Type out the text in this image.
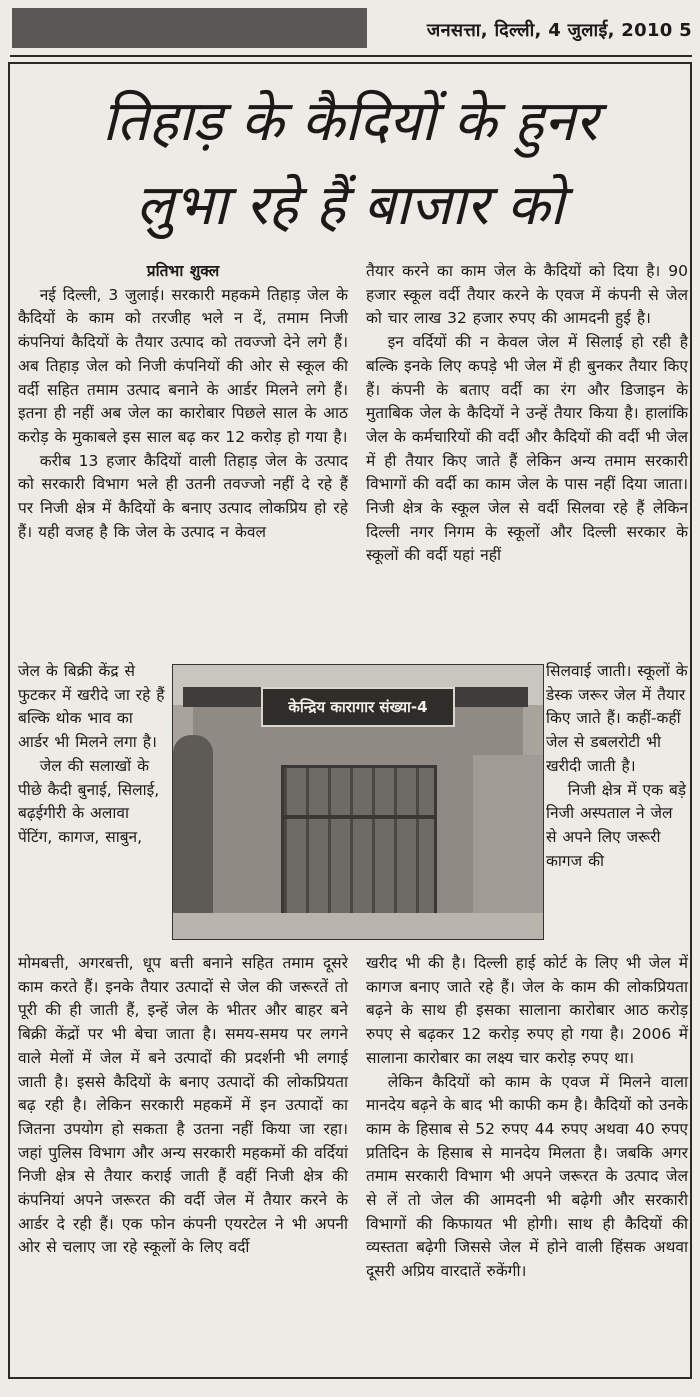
जनसत्ता, दिल्ली, 4 जुलाई, 2010 5
तिहाड़ के कैदियों के हुनर
लुभा रहे हैं बाजार को

प्रतिभा शुक्ल

नई दिल्ली, 3 जुलाई। सरकारी महकमे तिहाड़ जेल के कैदियों के काम को तरजीह भले न दें, तमाम निजी कंपनियां कैदियों के तैयार उत्पाद को तवज्जो देने लगे हैं। अब तिहाड़ जेल को निजी कंपनियों की ओर से स्कूल की वर्दी सहित तमाम उत्पाद बनाने के आर्डर मिलने लगे हैं। इतना ही नहीं अब जेल का कारोबार पिछले साल के आठ करोड़ के मुकाबले इस साल बढ़ कर 12 करोड़ हो गया है।

करीब 13 हजार कैदियों वाली तिहाड़ जेल के उत्पाद को सरकारी विभाग भले ही उतनी तवज्जो नहीं दे रहे हैं पर निजी क्षेत्र में कैदियों के बनाए उत्पाद लोकप्रिय हो रहे हैं। यही वजह है कि जेल के उत्पाद न केवल

तैयार करने का काम जेल के कैदियों को दिया है। 90 हजार स्कूल वर्दी तैयार करने के एवज में कंपनी से जेल को चार लाख 32 हजार रुपए की आमदनी हुई है।

इन वर्दियों की न केवल जेल में सिलाई हो रही है बल्कि इनके लिए कपड़े भी जेल में ही बुनकर तैयार किए हैं। कंपनी के बताए वर्दी का रंग और डिजाइन के मुताबिक जेल के कैदियों ने उन्हें तैयार किया है। हालांकि जेल के कर्मचारियों की वर्दी और कैदियों की वर्दी भी जेल में ही तैयार किए जाते हैं लेकिन अन्य तमाम सरकारी विभागों की वर्दी का काम जेल के पास नहीं दिया जाता। निजी क्षेत्र के स्कूल जेल से वर्दी सिलवा रहे हैं लेकिन दिल्ली नगर निगम के स्कूलों और दिल्ली सरकार के स्कूलों की वर्दी यहां नहीं

जेल के बिक्री केंद्र से फुटकर में खरीदे जा रहे हैं बल्कि थोक भाव का आर्डर भी मिलने लगा है।

जेल की सलाखों के पीछे कैदी बुनाई, सिलाई, बढ़ईगीरी के अलावा पेंटिंग, कागज, साबुन,

केन्द्रिय कारागार संख्या-4

सिलवाई जाती। स्कूलों के डेस्क जरूर जेल में तैयार किए जाते हैं। कहीं-कहीं जेल से डबलरोटी भी खरीदी जाती है।

निजी क्षेत्र में एक बड़े निजी अस्पताल ने जेल से अपने लिए जरूरी कागज की

मोमबत्ती, अगरबत्ती, धूप बत्ती बनाने सहित तमाम दूसरे काम करते हैं। इनके तैयार उत्पादों से जेल की जरूरतें तो पूरी की ही जाती हैं, इन्हें जेल के भीतर और बाहर बने बिक्री केंद्रों पर भी बेचा जाता है। समय-समय पर लगने वाले मेलों में जेल में बने उत्पादों की प्रदर्शनी भी लगाई जाती है। इससे कैदियों के बनाए उत्पादों की लोकप्रियता बढ़ रही है। लेकिन सरकारी महकमें में इन उत्पादों का जितना उपयोग हो सकता है उतना नहीं किया जा रहा। जहां पुलिस विभाग और अन्य सरकारी महकमों की वर्दियां निजी क्षेत्र से तैयार कराई जाती हैं वहीं निजी क्षेत्र की कंपनियां अपने जरूरत की वर्दी जेल में तैयार करने के आर्डर दे रही हैं। एक फोन कंपनी एयरटेल ने भी अपनी ओर से चलाए जा रहे स्कूलों के लिए वर्दी

खरीद भी की है। दिल्ली हाई कोर्ट के लिए भी जेल में कागज बनाए जाते रहे हैं। जेल के काम की लोकप्रियता बढ़ने के साथ ही इसका सालाना कारोबार आठ करोड़ रुपए से बढ़कर 12 करोड़ रुपए हो गया है। 2006 में सालाना कारोबार का लक्ष्य चार करोड़ रुपए था।

लेकिन कैदियों को काम के एवज में मिलने वाला मानदेय बढ़ने के बाद भी काफी कम है। कैदियों को उनके काम के हिसाब से 52 रुपए 44 रुपए अथवा 40 रुपए प्रतिदिन के हिसाब से मानदेय मिलता है। जबकि अगर तमाम सरकारी विभाग भी अपने जरूरत के उत्पाद जेल से लें तो जेल की आमदनी भी बढ़ेगी और सरकारी विभागों की किफायत भी होगी। साथ ही कैदियों की व्यस्तता बढ़ेगी जिससे जेल में होने वाली हिंसक अथवा दूसरी अप्रिय वारदातें रुकेंगी।
